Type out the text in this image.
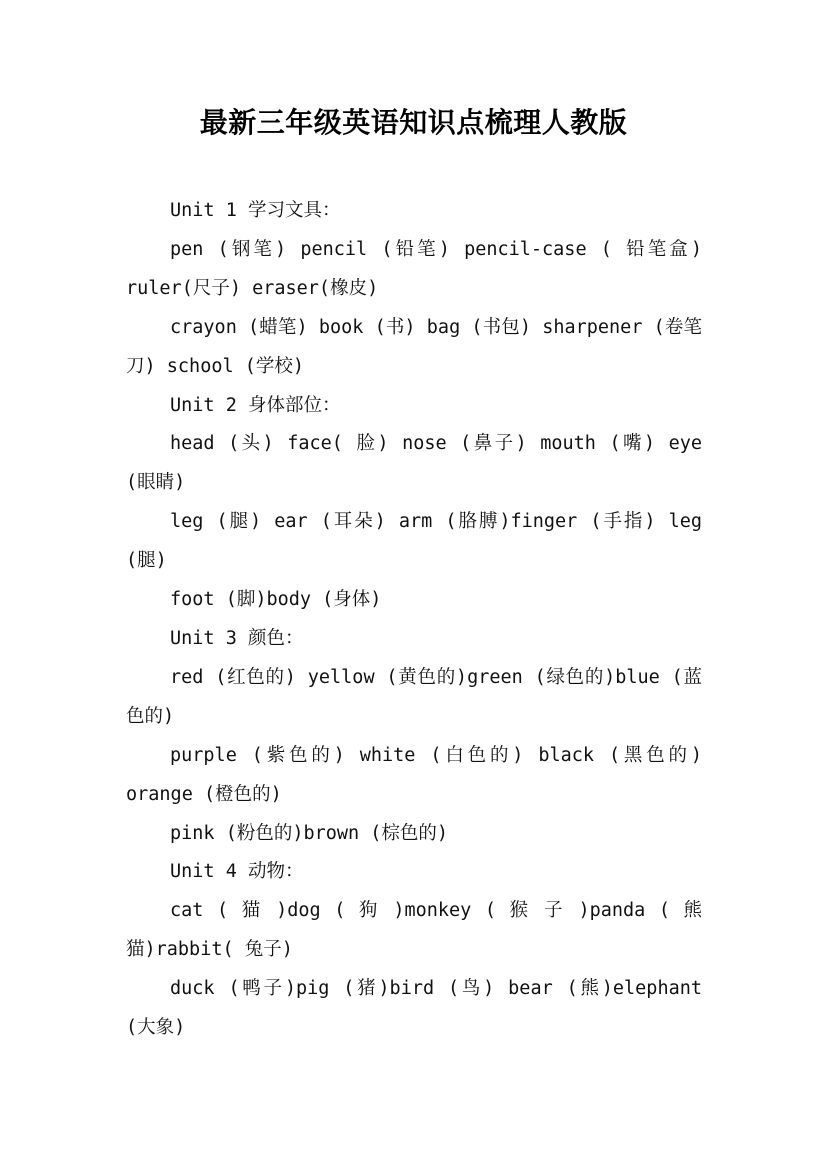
最新三年级英语知识点梳理人教版

Unit 1 学习文具：

pen (钢笔) pencil (铅笔) pencil-case ( 铅笔盒) ruler(尺子) eraser(橡皮)

crayon (蜡笔) book (书) bag (书包) sharpener (卷笔刀) school (学校)

Unit 2 身体部位：

head (头) face( 脸) nose (鼻子) mouth (嘴) eye (眼睛)

leg (腿) ear (耳朵) arm (胳膊)finger (手指) leg (腿)

foot (脚)body (身体)

Unit 3 颜色：

red (红色的) yellow (黄色的)green (绿色的)blue (蓝色的)

purple (紫色的) white (白色的) black (黑色的) orange (橙色的)

pink (粉色的)brown (棕色的)

Unit 4 动物：

cat ( 猫 )dog ( 狗 )monkey ( 猴 子 )panda ( 熊猫)rabbit( 兔子)

duck (鸭子)pig (猪)bird (鸟) bear (熊)elephant (大象)
